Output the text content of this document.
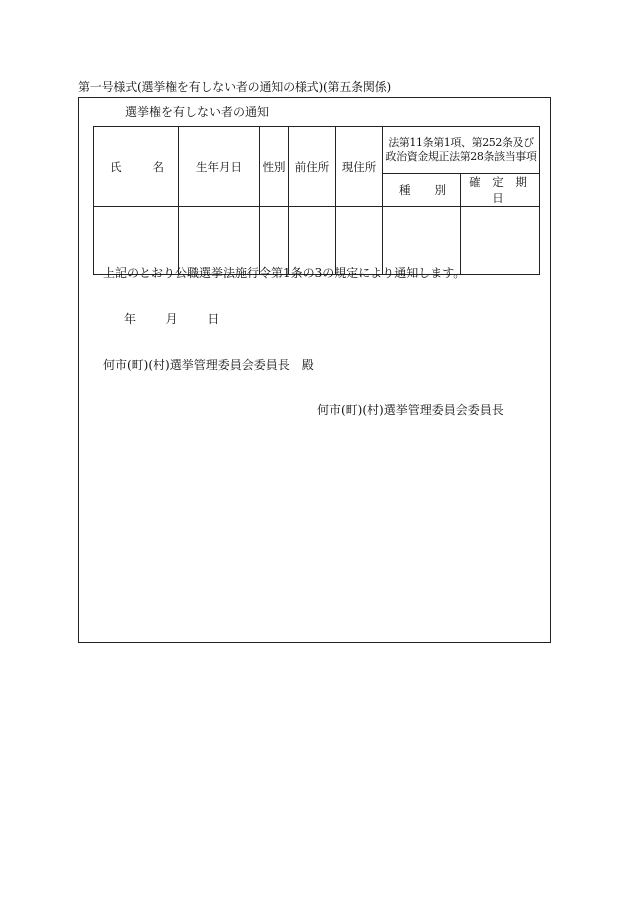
第一号様式(選挙権を有しない者の通知の様式)(第五条関係)
選挙権を有しない者の通知
氏 名	生年月日	性別	前住所	現住所	法第11条第1項、第252条及び政治資金規正法第28条該当事項	

					種 別	確 定 期 日

上記のとおり公職選挙法施行令第1条の3の規定により通知します。
年 月 日
何市(町)(村)選挙管理委員会委員長　殿
何市(町)(村)選挙管理委員会委員長
